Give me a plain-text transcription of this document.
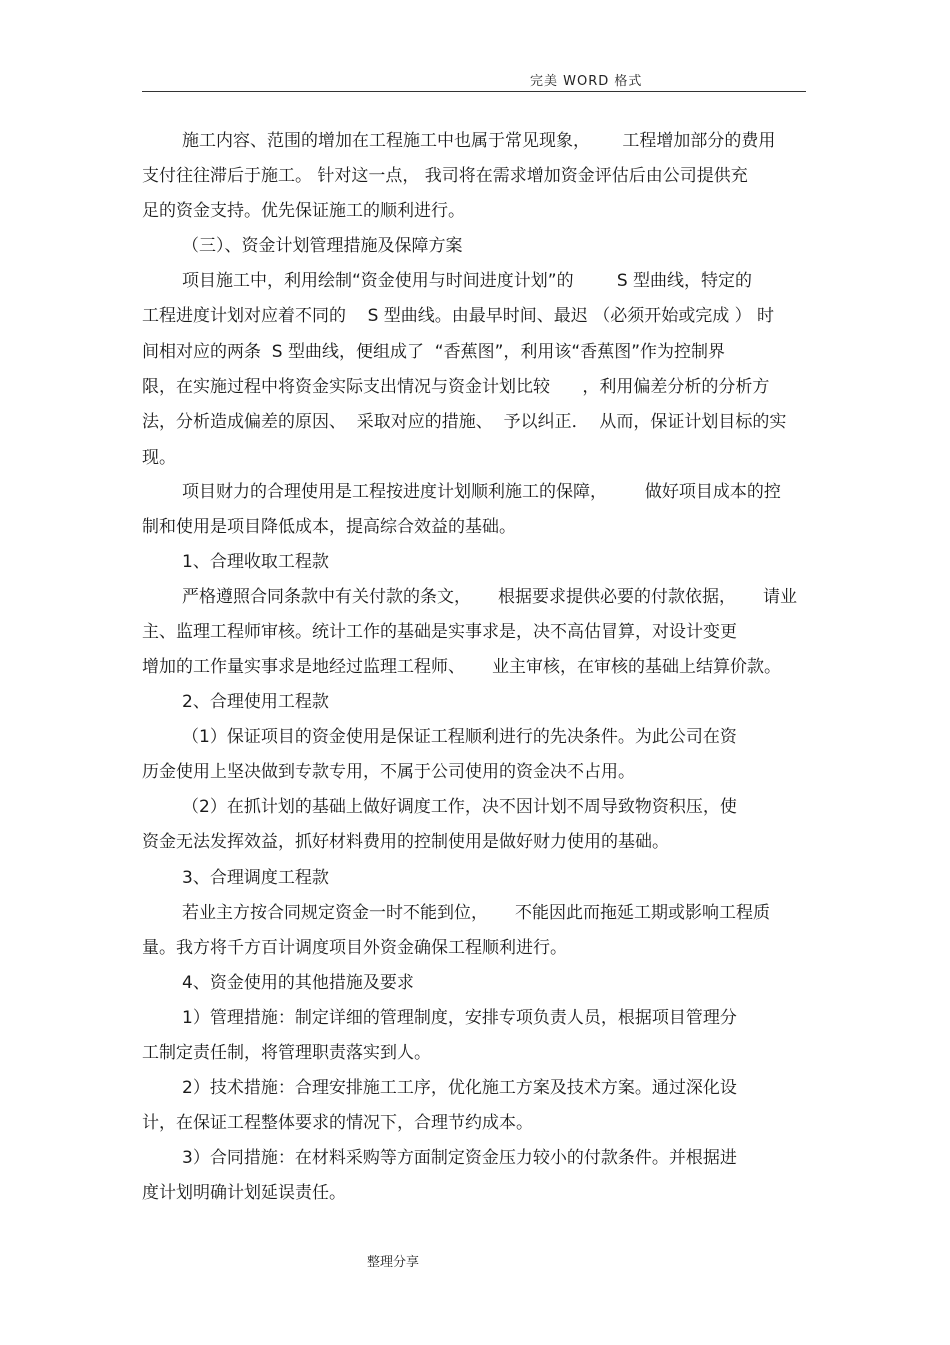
完美 WORD 格式
施工内容、范围的增加在工程施工中也属于常见现象，      工程增加部分的费用
支付往往滞后于施工。 针对这一点， 我司将在需求增加资金评估后由公司提供充
足的资金支持。优先保证施工的顺利进行。
（三）、资金计划管理措施及保障方案
项目施工中，利用绘制“资金使用与时间进度计划”的        S 型曲线，特定的
工程进度计划对应着不同的    S 型曲线。由最早时间、最迟 （必须开始或完成 ） 时
间相对应的两条  S 型曲线，便组成了  “香蕉图”，利用该“香蕉图”作为控制界
限，在实施过程中将资金实际支出情况与资金计划比较      ，利用偏差分析的分析方
法，分析造成偏差的原因、  采取对应的措施、  予以纠正．  从而，保证计划目标的实
现。
项目财力的合理使用是工程按进度计划顺利施工的保障，       做好项目成本的控
制和使用是项目降低成本，提高综合效益的基础。
1、合理收取工程款
严格遵照合同条款中有关付款的条文，     根据要求提供必要的付款依据，     请业
主、监理工程师审核。统计工作的基础是实事求是，决不高估冒算，对设计变更
增加的工作量实事求是地经过监理工程师、     业主审核，在审核的基础上结算价款。
2、合理使用工程款
（1）保证项目的资金使用是保证工程顺利进行的先决条件。为此公司在资
历金使用上坚决做到专款专用，不属于公司使用的资金决不占用。
（2）在抓计划的基础上做好调度工作，决不因计划不周导致物资积压，使
资金无法发挥效益，抓好材料费用的控制使用是做好财力使用的基础。
3、合理调度工程款
若业主方按合同规定资金一时不能到位，     不能因此而拖延工期或影响工程质
量。我方将千方百计调度项目外资金确保工程顺利进行。
4、资金使用的其他措施及要求
1）管理措施：制定详细的管理制度，安排专项负责人员，根据项目管理分
工制定责任制，将管理职责落实到人。
2）技术措施：合理安排施工工序，优化施工方案及技术方案。通过深化设
计，在保证工程整体要求的情况下，合理节约成本。
3）合同措施：在材料采购等方面制定资金压力较小的付款条件。并根据进
度计划明确计划延误责任。
整理分享
